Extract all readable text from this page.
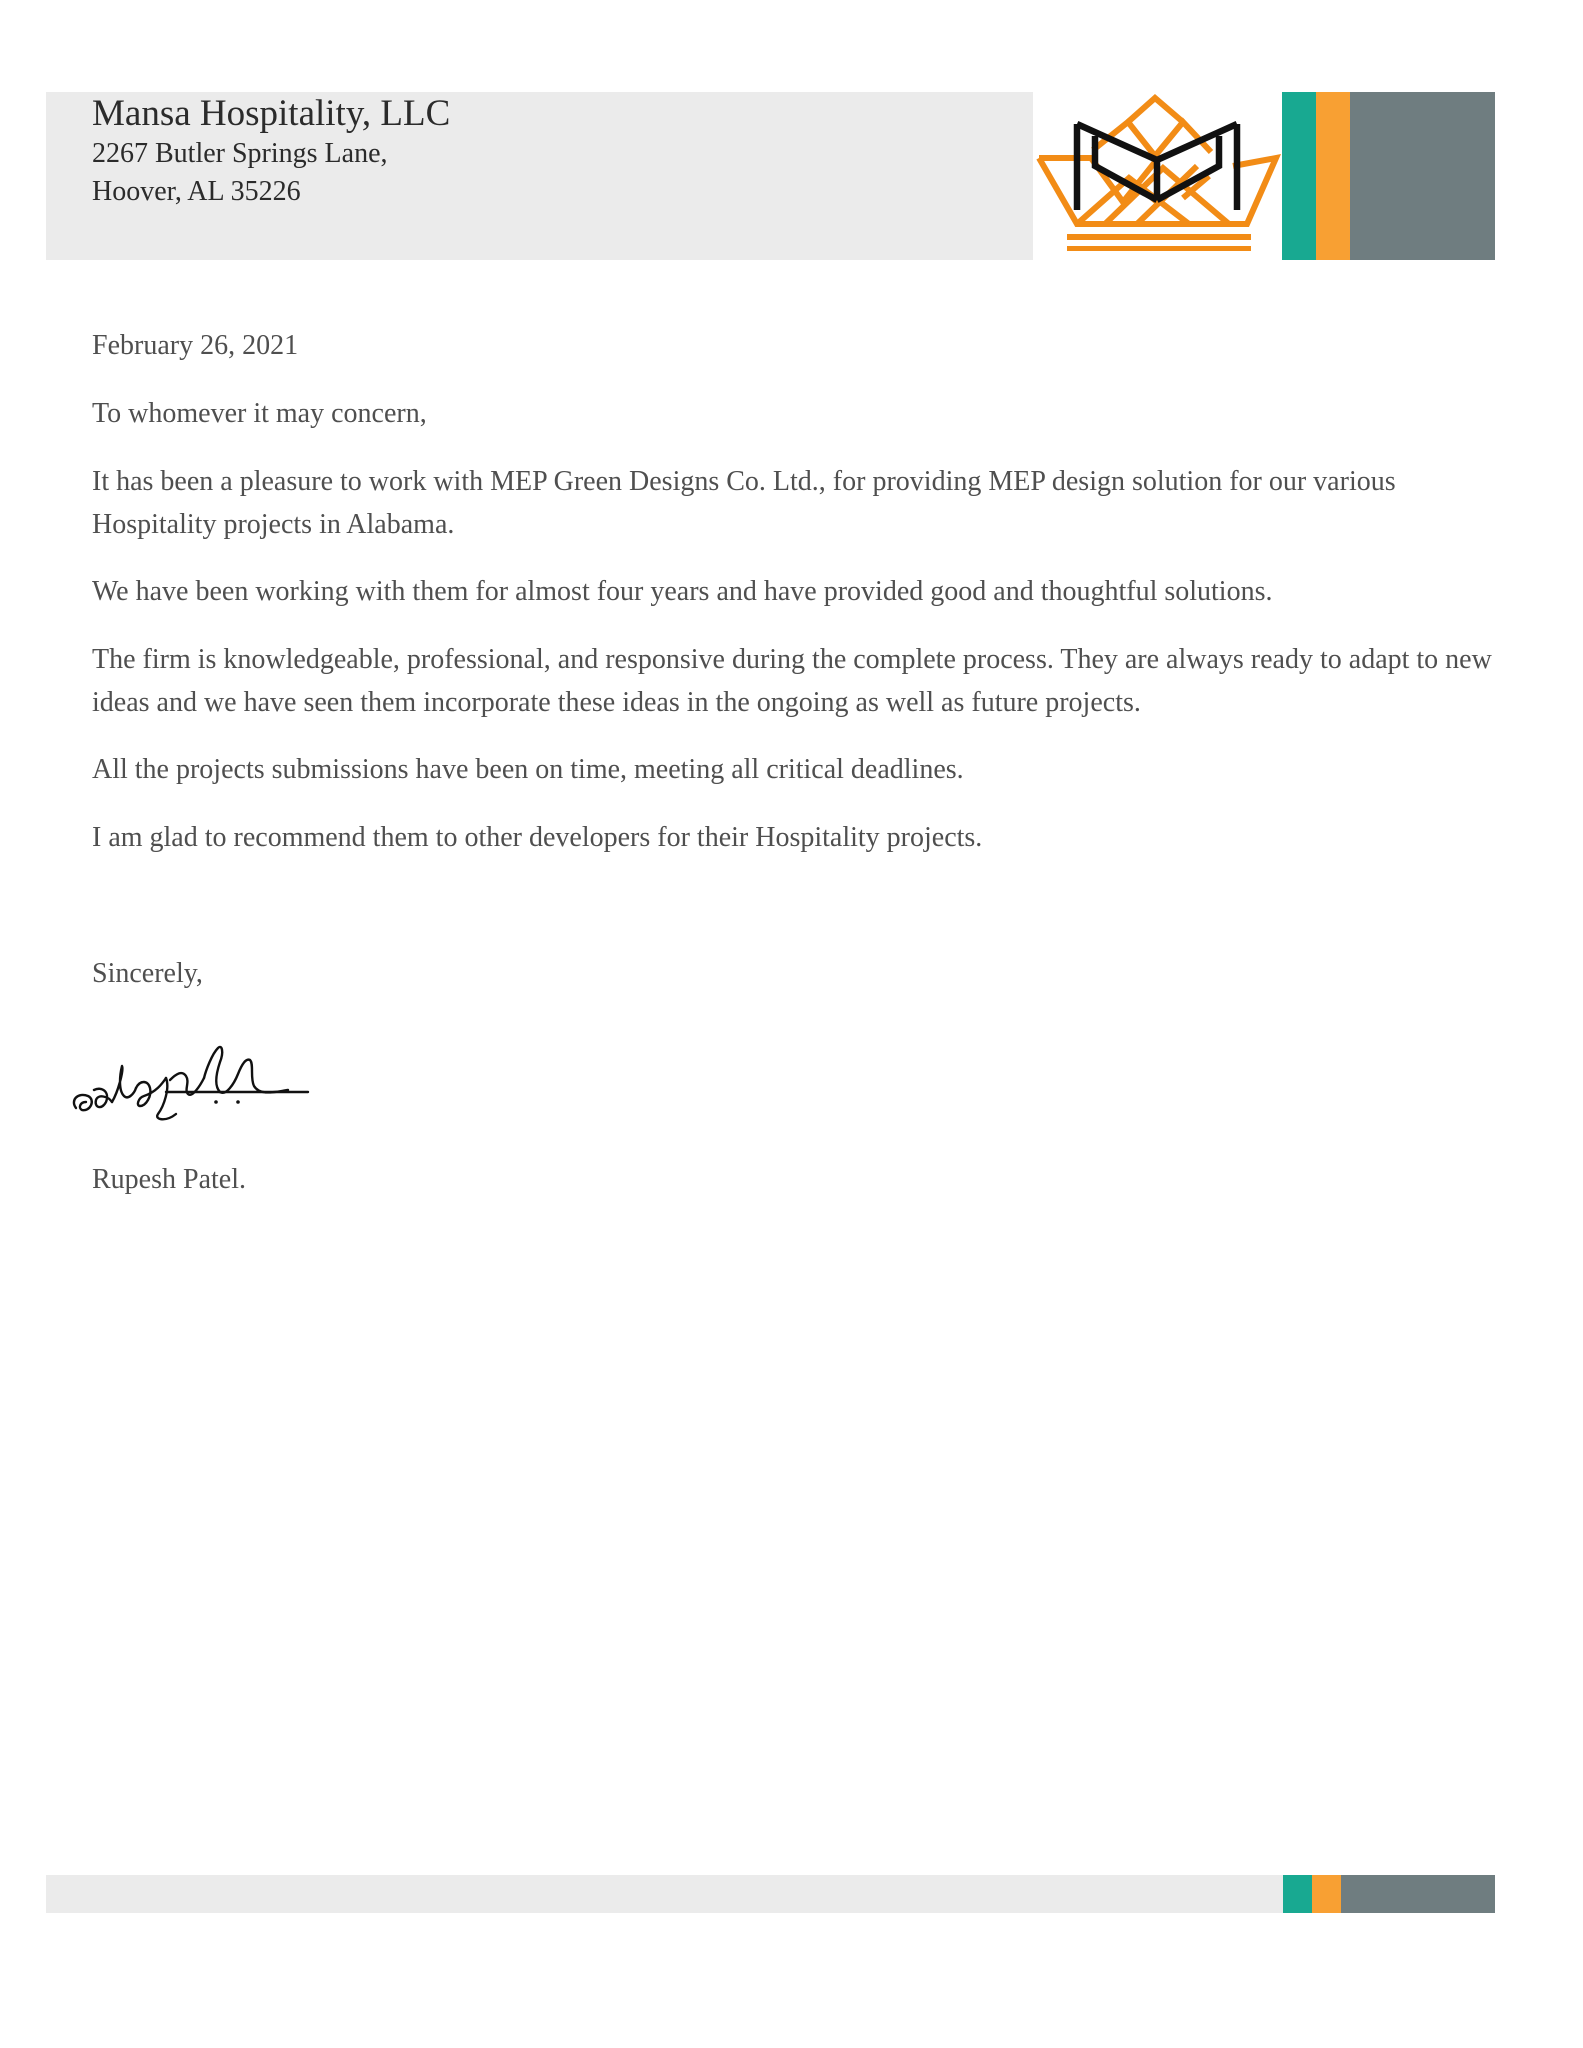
Mansa Hospitality, LLC
2267 Butler Springs Lane,
Hoover, AL 35226

February 26, 2021

To whomever it may concern,

It has been a pleasure to work with MEP Green Designs Co. Ltd., for providing MEP design solution for our various Hospitality projects in Alabama.

We have been working with them for almost four years and have provided good and thoughtful solutions.

The firm is knowledgeable, professional, and responsive during the complete process. They are always ready to adapt to new ideas and we have seen them incorporate these ideas in the ongoing as well as future projects.

All the projects submissions have been on time, meeting all critical deadlines.

I am glad to recommend them to other developers for their Hospitality projects.

Sincerely,

Rupesh Patel.
